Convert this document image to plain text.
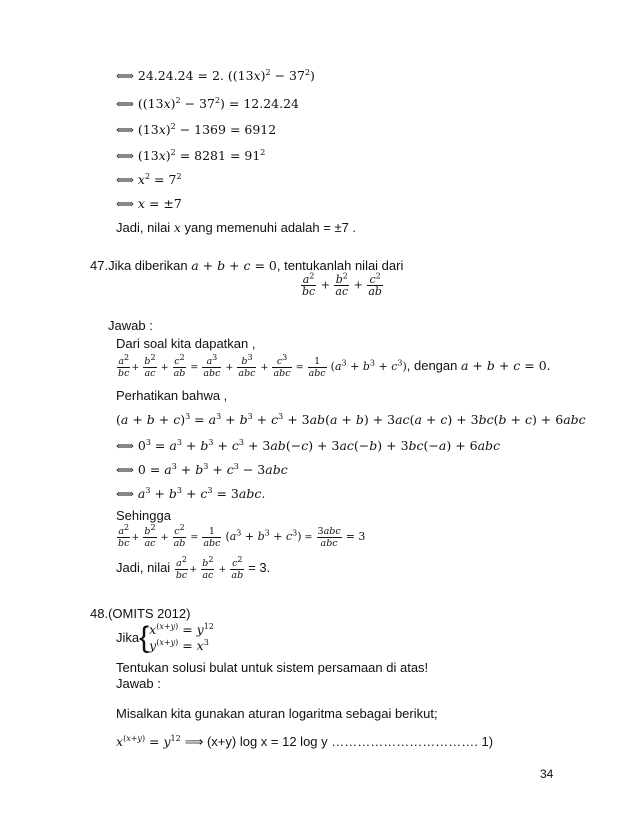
⟺ 24.24.24 = 2. $((13x)^2 - 37^2)$
⟺ $((13x)^2 - 37^2) = 12.24.24$
⟺ $(13x)^2 - 1369 = 6912$
⟺ $(13x)^2 = 8281 = 91^2$
⟺ $x^2 = 7^2$
⟺ x = ±7
Jadi, nilai x yang memenuhi adalah = ±7 .
47.Jika diberikan a + b + c = 0, tentukanlah nilai dari
$\frac{a^2}{bc} + \frac{b^2}{ac} + \frac{c^2}{ab}$
Jawab :
Dari soal kita dapatkan ,
$\frac{a^2}{bc} + \frac{b^2}{ac} + \frac{c^2}{ab} = \frac{a^3}{\text{abc}} + \frac{b^3}{\text{abc}} + \frac{c^3}{\text{abc}} = \frac{1}{\text{abc}} (a^3 + b^3 + c^3)$, dengan a + b + c = 0.
Perhatikan bahwa ,
$(a + b + c)^3 = a^3 + b^3 + c^3 + 3ab(a + b) + 3ac(a + c) + 3bc(b + c) + 6abc$
⟺ $0^3 = a^3 + b^3 + c^3 + 3ab(-c) + 3ac(-b) + 3bc(-a) + 6abc$
⟺ $0 = a^3 + b^3 + c^3 - 3abc$
⟺ $a^3 + b^3 + c^3 = 3abc$.
Sehingga
$\frac{a^2}{bc} + \frac{b^2}{ac} + \frac{c^2}{ab} = \frac{1}{\text{abc}} (a^3 + b^3 + c^3) = \frac{\text{3abc}}{\text{abc}} = 3$
Jadi, nilai $\frac{a^2}{bc} + \frac{b^2}{ac} + \frac{c^2}{ab} = 3$.
48.(OMITS 2012)
Jika{ $x^{(x+y)} = y^{12}$
$y^{(x+y)} = x^3$
Tentukan solusi bulat untuk sistem persamaan di atas!
Jawab :
Misalkan kita gunakan aturan logaritma sebagai berikut;
$x^{(x+y)} = y^{12}$ ⟹ (x+y) log x = 12 log y ……………………………. 1)
34
